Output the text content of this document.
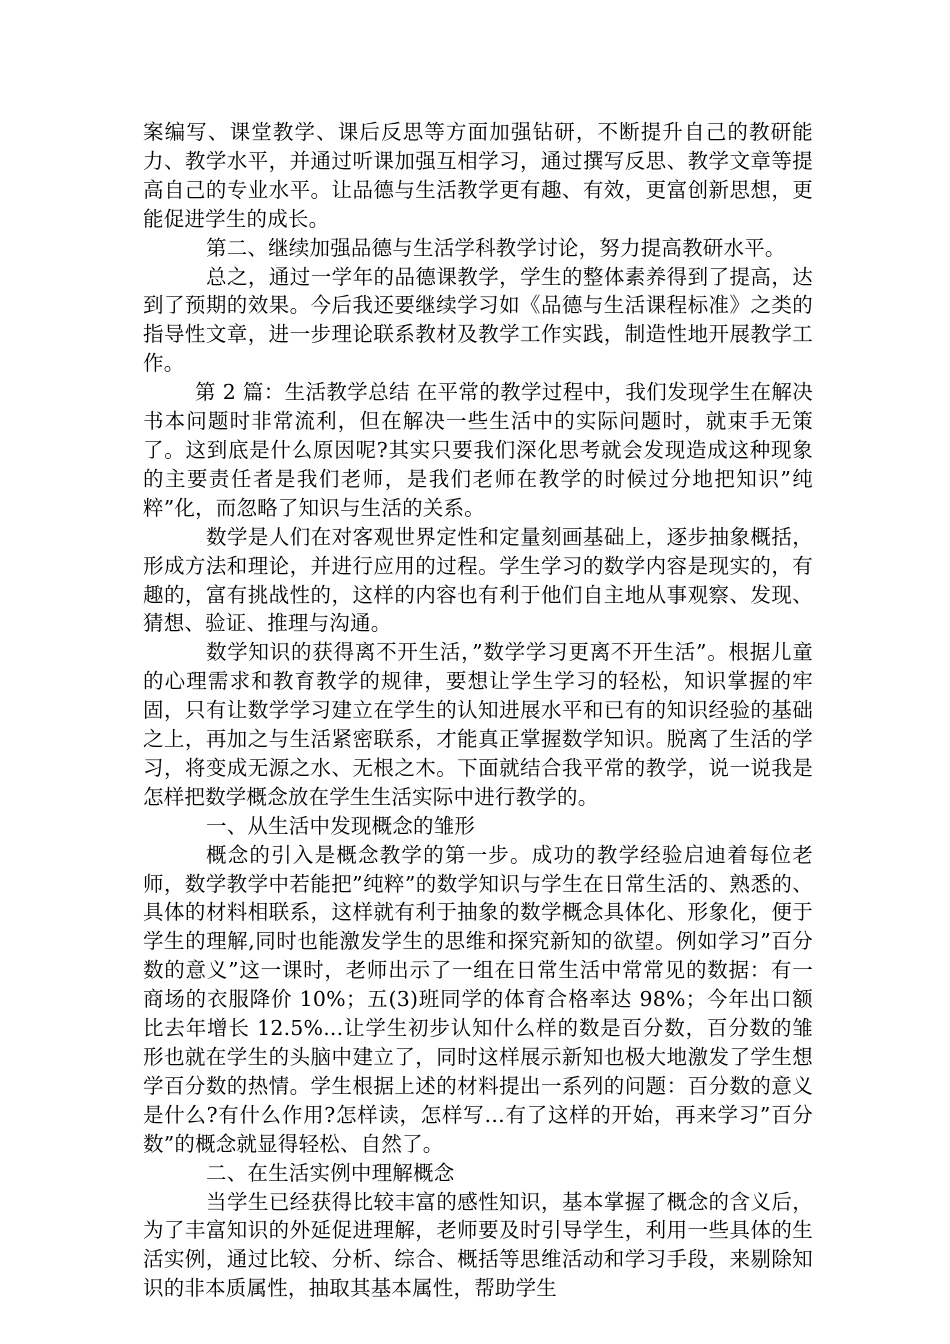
案编写、课堂教学、课后反思等方面加强钻研，不断提升自己的教研能力、教学水平，并通过听课加强互相学习，通过撰写反思、教学文章等提高自己的专业水平。让品德与生活教学更有趣、有效，更富创新思想，更能促进学生的成长。

第二、继续加强品德与生活学科教学讨论，努力提高教研水平。

总之，通过一学年的品德课教学，学生的整体素养得到了提高，达到了预期的效果。今后我还要继续学习如《品德与生活课程标准》之类的指导性文章，进一步理论联系教材及教学工作实践，制造性地开展教学工作。

第 2 篇：生活教学总结 在平常的教学过程中，我们发现学生在解决书本问题时非常流利，但在解决一些生活中的实际问题时，就束手无策了。这到底是什么原因呢?其实只要我们深化思考就会发现造成这种现象的主要责任者是我们老师，是我们老师在教学的时候过分地把知识”纯粹”化，而忽略了知识与生活的关系。

数学是人们在对客观世界定性和定量刻画基础上，逐步抽象概括，形成方法和理论，并进行应用的过程。学生学习的数学内容是现实的，有趣的，富有挑战性的，这样的内容也有利于他们自主地从事观察、发现、猜想、验证、推理与沟通。

数学知识的获得离不开生活，”数学学习更离不开生活”。根据儿童的心理需求和教育教学的规律，要想让学生学习的轻松，知识掌握的牢固，只有让数学学习建立在学生的认知进展水平和已有的知识经验的基础之上，再加之与生活紧密联系，才能真正掌握数学知识。脱离了生活的学习，将变成无源之水、无根之木。下面就结合我平常的教学，说一说我是怎样把数学概念放在学生生活实际中进行教学的。

一、从生活中发现概念的雏形

概念的引入是概念教学的第一步。成功的教学经验启迪着每位老师，数学教学中若能把”纯粹”的数学知识与学生在日常生活的、熟悉的、具体的材料相联系，这样就有利于抽象的数学概念具体化、形象化，便于学生的理解,同时也能激发学生的思维和探究新知的欲望。例如学习”百分数的意义”这一课时，老师出示了一组在日常生活中常常见的数据：有一商场的衣服降价 10%；五(3)班同学的体育合格率达 98%；今年出口额比去年增长 12.5%...让学生初步认知什么样的数是百分数，百分数的雏形也就在学生的头脑中建立了，同时这样展示新知也极大地激发了学生想学百分数的热情。学生根据上述的材料提出一系列的问题：百分数的意义是什么?有什么作用?怎样读，怎样写…有了这样的开始，再来学习”百分数”的概念就显得轻松、自然了。

二、在生活实例中理解概念

当学生已经获得比较丰富的感性知识，基本掌握了概念的含义后，为了丰富知识的外延促进理解，老师要及时引导学生，利用一些具体的生活实例，通过比较、分析、综合、概括等思维活动和学习手段，来剔除知识的非本质属性，抽取其基本属性，帮助学生
